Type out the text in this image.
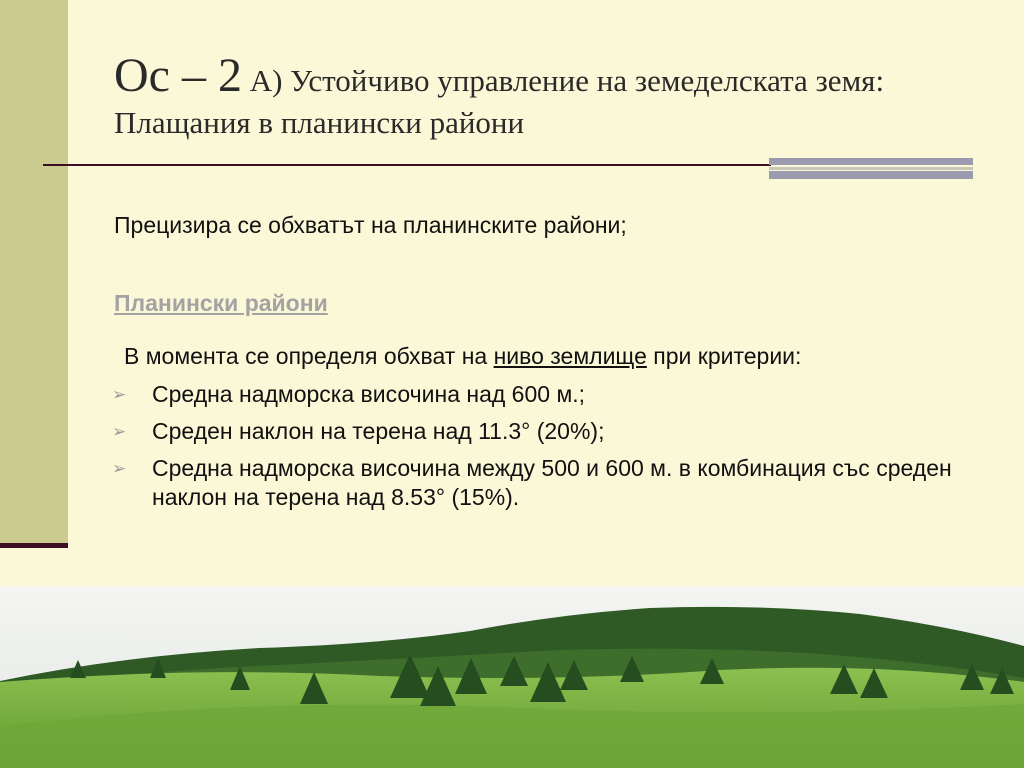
Ос – 2 А) Устойчиво управление на земеделската земя: Плащания в планински райони
Прецизира се обхватът на планинските райони;
Планински райони
В момента се определя обхват на ниво землище при критерии:
➢ Средна надморска височина над 600 м.;
➢ Среден наклон на терена над 11.3° (20%);
➢ Средна надморска височина между 500 и 600 м. в комбинация със среден наклон на терена над 8.53° (15%).
